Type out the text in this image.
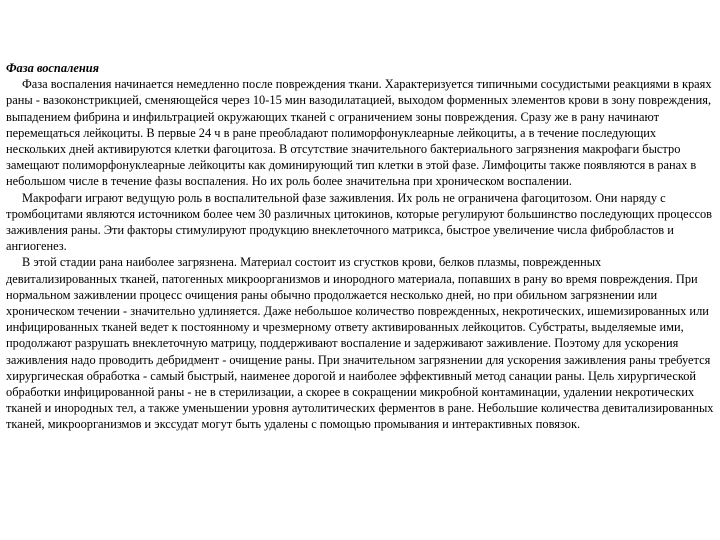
Фаза воспаления

Фаза воспаления начинается немедленно после повреждения ткани. Характеризуется типичными сосудистыми реакциями в краях раны - вазоконстрикцией, сменяющейся через 10-15 мин вазодилатацией, выходом форменных элементов крови в зону повреждения, выпадением фибрина и инфильтрацией окружающих тканей с ограничением зоны повреждения. Сразу же в рану начинают перемещаться лейкоциты. В первые 24 ч в ране преобладают полиморфонуклеарные лейкоциты, а в течение последующих нескольких дней активируются клетки фагоцитоза. В отсутствие значительного бактериального загрязнения макрофаги быстро замещают полиморфонуклеарные лейкоциты как доминирующий тип клетки в этой фазе. Лимфоциты также появляются в ранах в небольшом числе в течение фазы воспаления. Но их роль более значительна при хроническом воспалении.

Макрофаги играют ведущую роль в воспалительной фазе заживления. Их роль не ограничена фагоцитозом. Они наряду с тромбоцитами являются источником более чем 30 различных цитокинов, которые регулируют большинство последующих процессов заживления раны. Эти факторы стимулируют продукцию внеклеточного матрикса, быстрое увеличение числа фибробластов и ангиогенез.

В этой стадии рана наиболее загрязнена. Материал состоит из сгустков крови, белков плазмы, поврежденных девитализированных тканей, патогенных микроорганизмов и инородного материала, попавших в рану во время повреждения. При нормальном заживлении процесс очищения раны обычно продолжается несколько дней, но при обильном загрязнении или хроническом течении - значительно удлиняется. Даже небольшое количество поврежденных, некротических, ишемизированных или инфицированных тканей ведет к постоянному и чрезмерному ответу активированных лейкоцитов. Субстраты, выделяемые ими, продолжают разрушать внеклеточную матрицу, поддерживают воспаление и задерживают заживление. Поэтому для ускорения заживления надо проводить дебридмент - очищение раны. При значительном загрязнении для ускорения заживления раны требуется хирургическая обработка - самый быстрый, наименее дорогой и наиболее эффективный метод санации раны. Цель хирургической обработки инфицированной раны - не в стерилизации, а скорее в сокращении микробной контаминации, удалении некротических тканей и инородных тел, а также уменьшении уровня аутолитических ферментов в ране. Небольшие количества девитализированных тканей, микроорганизмов и экссудат могут быть удалены с помощью промывания и интерактивных повязок.
